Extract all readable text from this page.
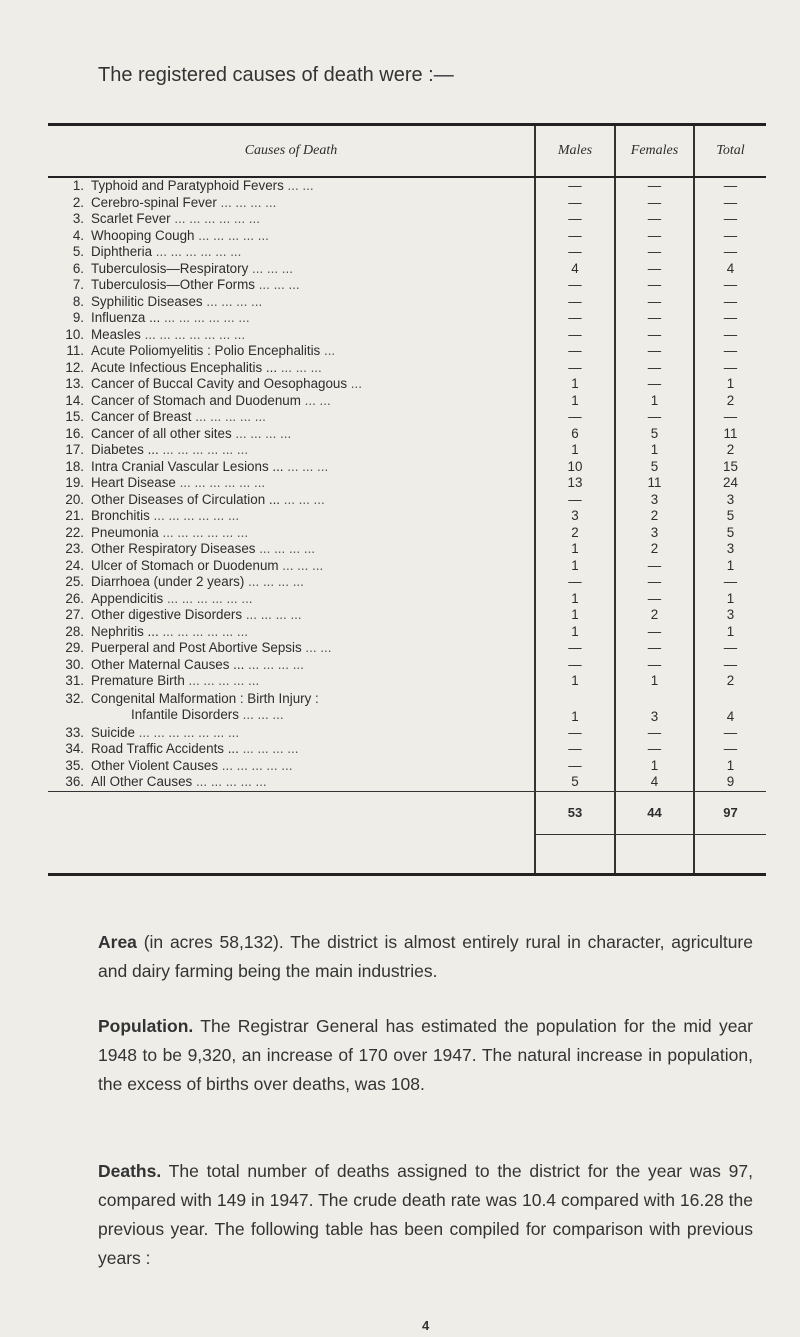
The registered causes of death were :—
Causes of Death	Males	Females	Total
1. Typhoid and Paratyphoid Fevers ... ...	—	—	—
2. Cerebro-spinal Fever ... ... ... ...	—	—	—
3. Scarlet Fever ... ... ... ... ... ...	—	—	—
4. Whooping Cough ... ... ... ... ...	—	—	—
5. Diphtheria ... ... ... ... ... ...	—	—	—
6. Tuberculosis—Respiratory ... ... ...	4	—	4
7. Tuberculosis—Other Forms ... ... ...	—	—	—
8. Syphilitic Diseases ... ... ... ...	—	—	—
9. Influenza ... ... ... ... ... ... ...	—	—	—
10. Measles ... ... ... ... ... ... ...	—	—	—
11. Acute Poliomyelitis : Polio Encephalitis ...	—	—	—
12. Acute Infectious Encephalitis ... ... ... ...	—	—	—
13. Cancer of Buccal Cavity and Oesophagous ...	1	—	1
14. Cancer of Stomach and Duodenum ... ...	1	1	2
15. Cancer of Breast ... ... ... ... ...	—	—	—
16. Cancer of all other sites ... ... ... ...	6	5	11
17. Diabetes ... ... ... ... ... ... ...	1	1	2
18. Intra Cranial Vascular Lesions ... ... ... ...	10	5	15
19. Heart Disease ... ... ... ... ... ...	13	11	24
20. Other Diseases of Circulation ... ... ... ...	—	3	3
21. Bronchitis ... ... ... ... ... ...	3	2	5
22. Pneumonia ... ... ... ... ... ...	2	3	5
23. Other Respiratory Diseases ... ... ... ...	1	2	3
24. Ulcer of Stomach or Duodenum ... ... ...	1	—	1
25. Diarrhoea (under 2 years) ... ... ... ...	—	—	—
26. Appendicitis ... ... ... ... ... ...	1	—	1
27. Other digestive Disorders ... ... ... ...	1	2	3
28. Nephritis ... ... ... ... ... ... ...	1	—	1
29. Puerperal and Post Abortive Sepsis ... ...	—	—	—
30. Other Maternal Causes ... ... ... ... ...	—	—	—
31. Premature Birth ... ... ... ... ...	1	1	2

32. Congenital Malformation : Birth Injury :
Infantile Disorders ... ... ...	1	3	4
33. Suicide ... ... ... ... ... ... ...	—	—	—
34. Road Traffic Accidents ... ... ... ... ...	—	—	—
35. Other Violent Causes ... ... ... ... ...	—	1	1
36. All Other Causes ... ... ... ... ...	5	4	9
	53	44	97

Area (in acres 58,132). The district is almost entirely rural in character, agriculture and dairy farming being the main industries.

Population. The Registrar General has estimated the population for the mid year 1948 to be 9,320, an increase of 170 over 1947. The natural increase in population, the excess of births over deaths, was 108.

Deaths. The total number of deaths assigned to the district for the year was 97, compared with 149 in 1947. The crude death rate was 10.4 compared with 16.28 the previous year. The following table has been compiled for comparison with previous years :

4
